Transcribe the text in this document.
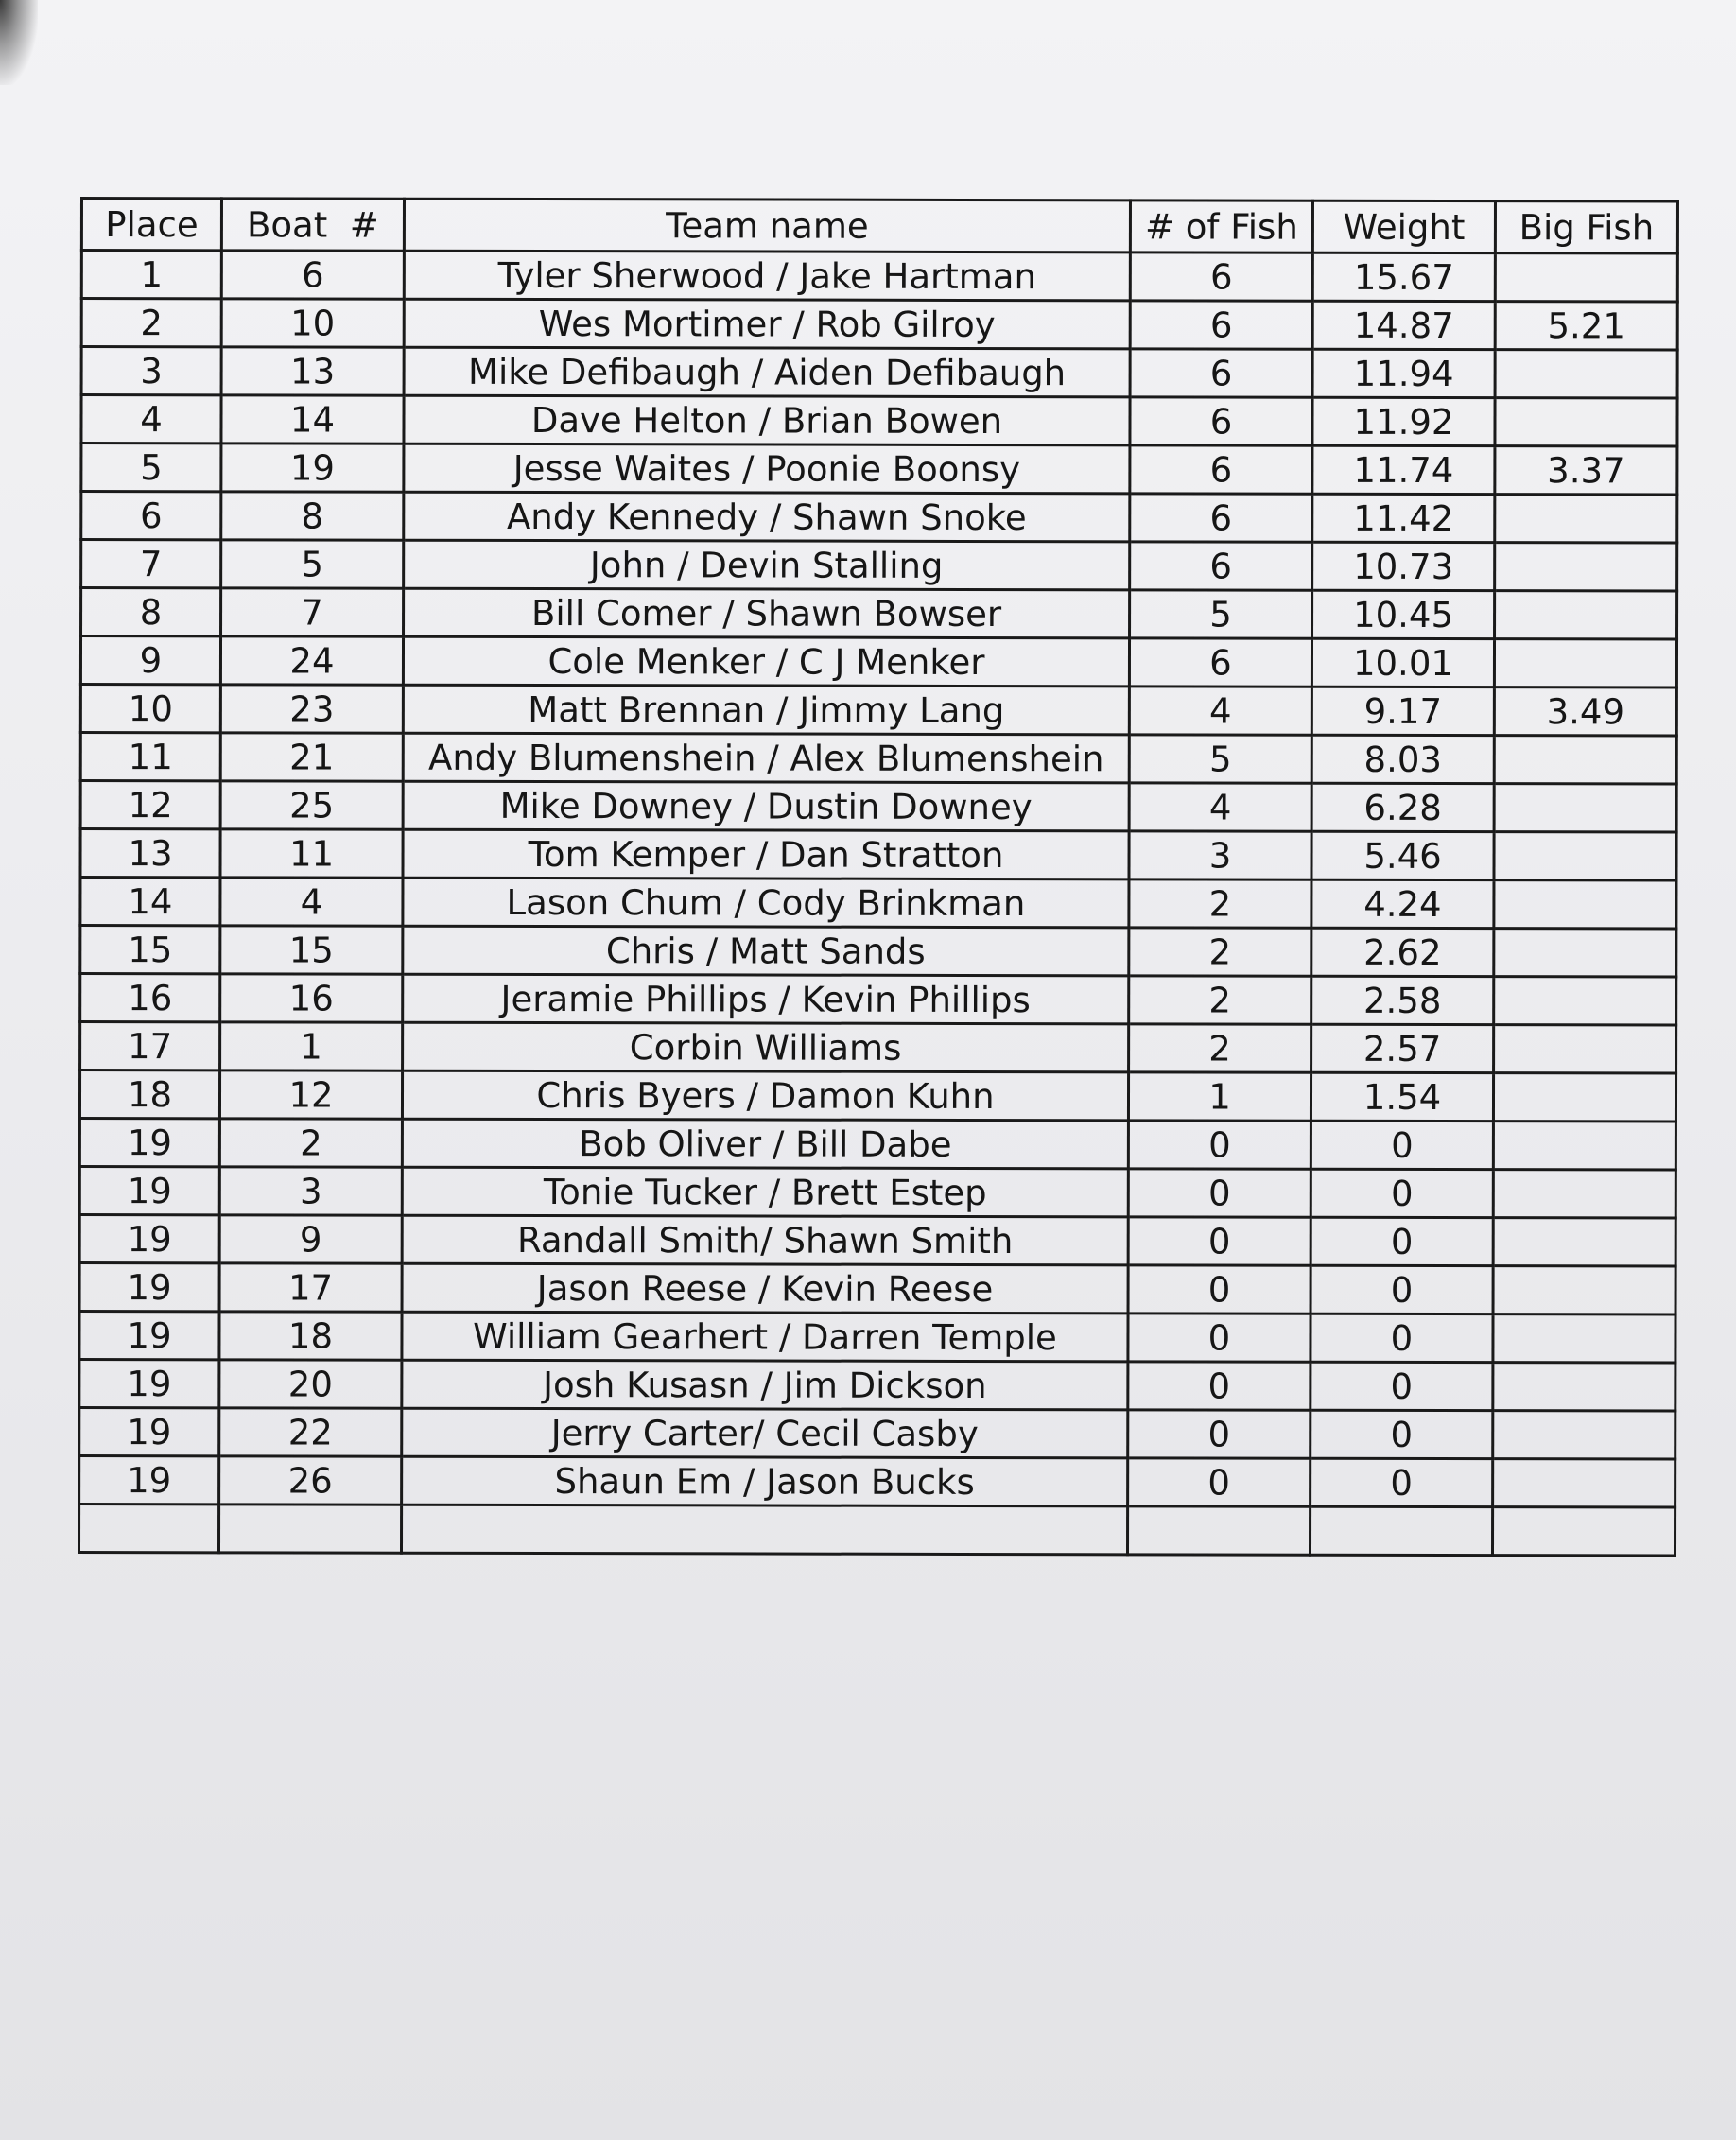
Place	Boat  #	Team name	# of Fish	Weight	Big Fish
1	6	Tyler Sherwood / Jake Hartman	6	15.67	
2	10	Wes Mortimer / Rob Gilroy	6	14.87	5.21
3	13	Mike Defibaugh / Aiden Defibaugh	6	11.94	
4	14	Dave Helton / Brian Bowen	6	11.92	
5	19	Jesse Waites / Poonie Boonsy	6	11.74	3.37
6	8	Andy Kennedy / Shawn Snoke	6	11.42	
7	5	John / Devin Stalling	6	10.73	
8	7	Bill Comer / Shawn Bowser	5	10.45	
9	24	Cole Menker / C J Menker	6	10.01	
10	23	Matt Brennan / Jimmy Lang	4	9.17	3.49
11	21	Andy Blumenshein / Alex Blumenshein	5	8.03	
12	25	Mike Downey / Dustin Downey	4	6.28	
13	11	Tom Kemper / Dan Stratton	3	5.46	
14	4	Lason Chum / Cody Brinkman	2	4.24	
15	15	Chris / Matt Sands	2	2.62	
16	16	Jeramie Phillips / Kevin Phillips	2	2.58	
17	1	Corbin Williams	2	2.57	
18	12	Chris Byers / Damon Kuhn	1	1.54	
19	2	Bob Oliver / Bill Dabe	0	0	
19	3	Tonie Tucker / Brett Estep	0	0	
19	9	Randall Smith/ Shawn Smith	0	0	
19	17	Jason Reese / Kevin Reese	0	0	
19	18	William Gearhert / Darren Temple	0	0	
19	20	Josh Kusasn / Jim Dickson	0	0	
19	22	Jerry Carter/ Cecil Casby	0	0	
19	26	Shaun Em / Jason Bucks	0	0	
